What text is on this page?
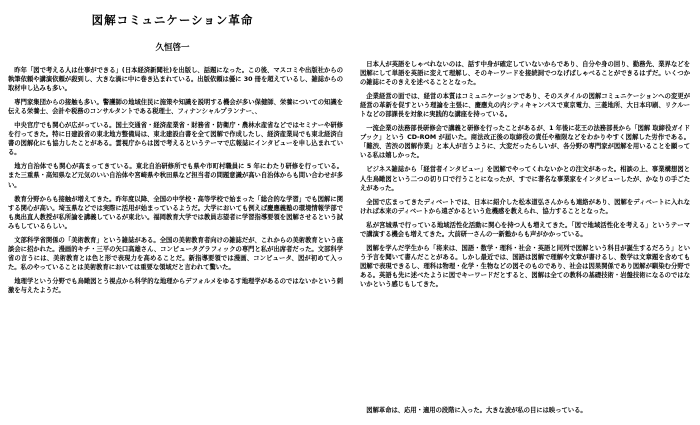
図解コミュニケーション革命
久恒啓一

昨年「図で考える人は仕事ができる」(日本経済新聞社)を出版し、話題になった。この後、マスコミや出版社からの執筆依頼や講演依頼が殺到し、大きな渦に中に巻き込まれている。出版依頼は優に 30 冊を超えているし、雑誌からの取材申し込みも多い。

専門家集団からの接触も多い。警護師の地域住民に施策や知識を説明する機会が多い保健師、栄養についての知識を伝える栄養士、会計や税務のコンサルタントである税理士、フィナンシャルプランナー、、

中央官庁でも関心が広がっている。国土交通省・経済産業省・財務省・防衛庁・農林水産省などではセミナーや研修を行ってきた。特に日建設省の東北地方整備局は、東北建設白書を全て図解で作成したし、経済産業局でも東北経済白書の図解化にも協力したことがある。雲視庁からは図で考えるというテーマで広報誌にインタビューを申し込まれている。

地方自治体でも関心が高まってきている。東北自治研修所でも県や市町村職員に 5 年にわたり研修を行っている。また三重県・高知県など元気のいい自治体や宮崎県や秋田県など担当者の問題意識が高い自治体からも問い合わせが多い。

教育分野からも接触が増えてきた。昨年度以降、全国の中学校・高等学校で始まった「総合的な学習」でも図解に関する関心が高い。埼玉県などでは実際に活用が始まっているようだ。大学においても例えば慶應義塾の環境情報学部でも奥出直人教授が私所論を講義しているが東北い。福岡教育大学では教員志望者に学習指導要領を図解させるという試みもしているらしい。

文部科学省関係の「美術教育」という雑誌がある。全国の美術教育者向けの雑誌だが、これからの美術教育という座談会に招かれた。漫画的キチ・三平の矢口高雄さん、コンピュータグラフィックの専門と私が出席者だった。文部科学省の言うには、美術教育とは色と形で表現力を高めることだ。新指導要領では漫画、コンピュータ、図が初めて入った。私のやっていることは美術教育においては重要な領域だと言われて驚いた。

地理学という分野でも烏瞰図とう視点から科学的な地理からデフォルメをゆるす地理学があるのではないかという刺激を与えたようだ。

日本人が英語をしゃべれないのは、話す中身が確定していないからであり、自分や身の回り、勤務先、業界などを図解にして単語を英語に変えて理解し、そのキーワードを接続詞でつなげばしゃべることができるはずだ。いくつかの雑誌にそのきえを述べることとなった。

企業経営の面では、経営の本質はコミュニケーションであり、そのスタイルの図解コミュニケーションへの変更が経営の革新を促すという理論を主張に、慶應丸の内シティキャンパスで東京電力、三菱地所、大日本印刷、リクルートなどの部課長を対象に実践的な講座を持っている。

一流企業の法務部長研修会で講義と研修を行ったことがあるが、1 年後に花王の法務部長から「図解 取締役ガイドブック」という CD-ROM が届いた。商法改正後の取締役の責任や権限などをわかりやすく図解した労作である。「難渋、苦渋の図解作業」と本人が言うように、大変だったらしいが、各分野の専門家が図解を用いることを願っている私は嬉しかった。

ビジネス雑誌から「経営者インタビュー」を図解でやってくれないかとの注文があった。相談の上、事業構想図と人生鳥瞰図という二つの切り口で行うことになったが、すでに著名な事業家をインタビューしたが、かなりの手ごたえがあった。

全国で広まってきたディベートでは、日本に紹介した松本道弘さんからも連絡があり、図解をディベートに入れなければ本来のディベートから遠ざかるという危機感を教えられ、協力することとなった。

私が宮城県で行っている地域活性化活動に関心を持つ人も増えてきた。「図で地域活性化を考える」というテーマで講演する機会も増えてきた。大前研一さんの一新塾からも声がかかっている。

図解を学んだ学生から「将来は、国語・数学・理科・社会・英語と同列で図解という科目が誕生するだろう」という予言を聞いて書んだことがある。しかし最近では、国語は図解で理解や文章が書けるし、数学は文章題を含めても図解で表現できるし、理科は物理・化学・生物などの図そのものであり、社会は因果関係であり図解が馴染む分野である。英語も先に述べたように図でキーワードだとすると、図解は全ての教科の基礎技術・岩盤技術になるのではないかという感じもしてきた。

図解革命は、応用・適用の段階に入った。大きな波が私の目には映っている。
